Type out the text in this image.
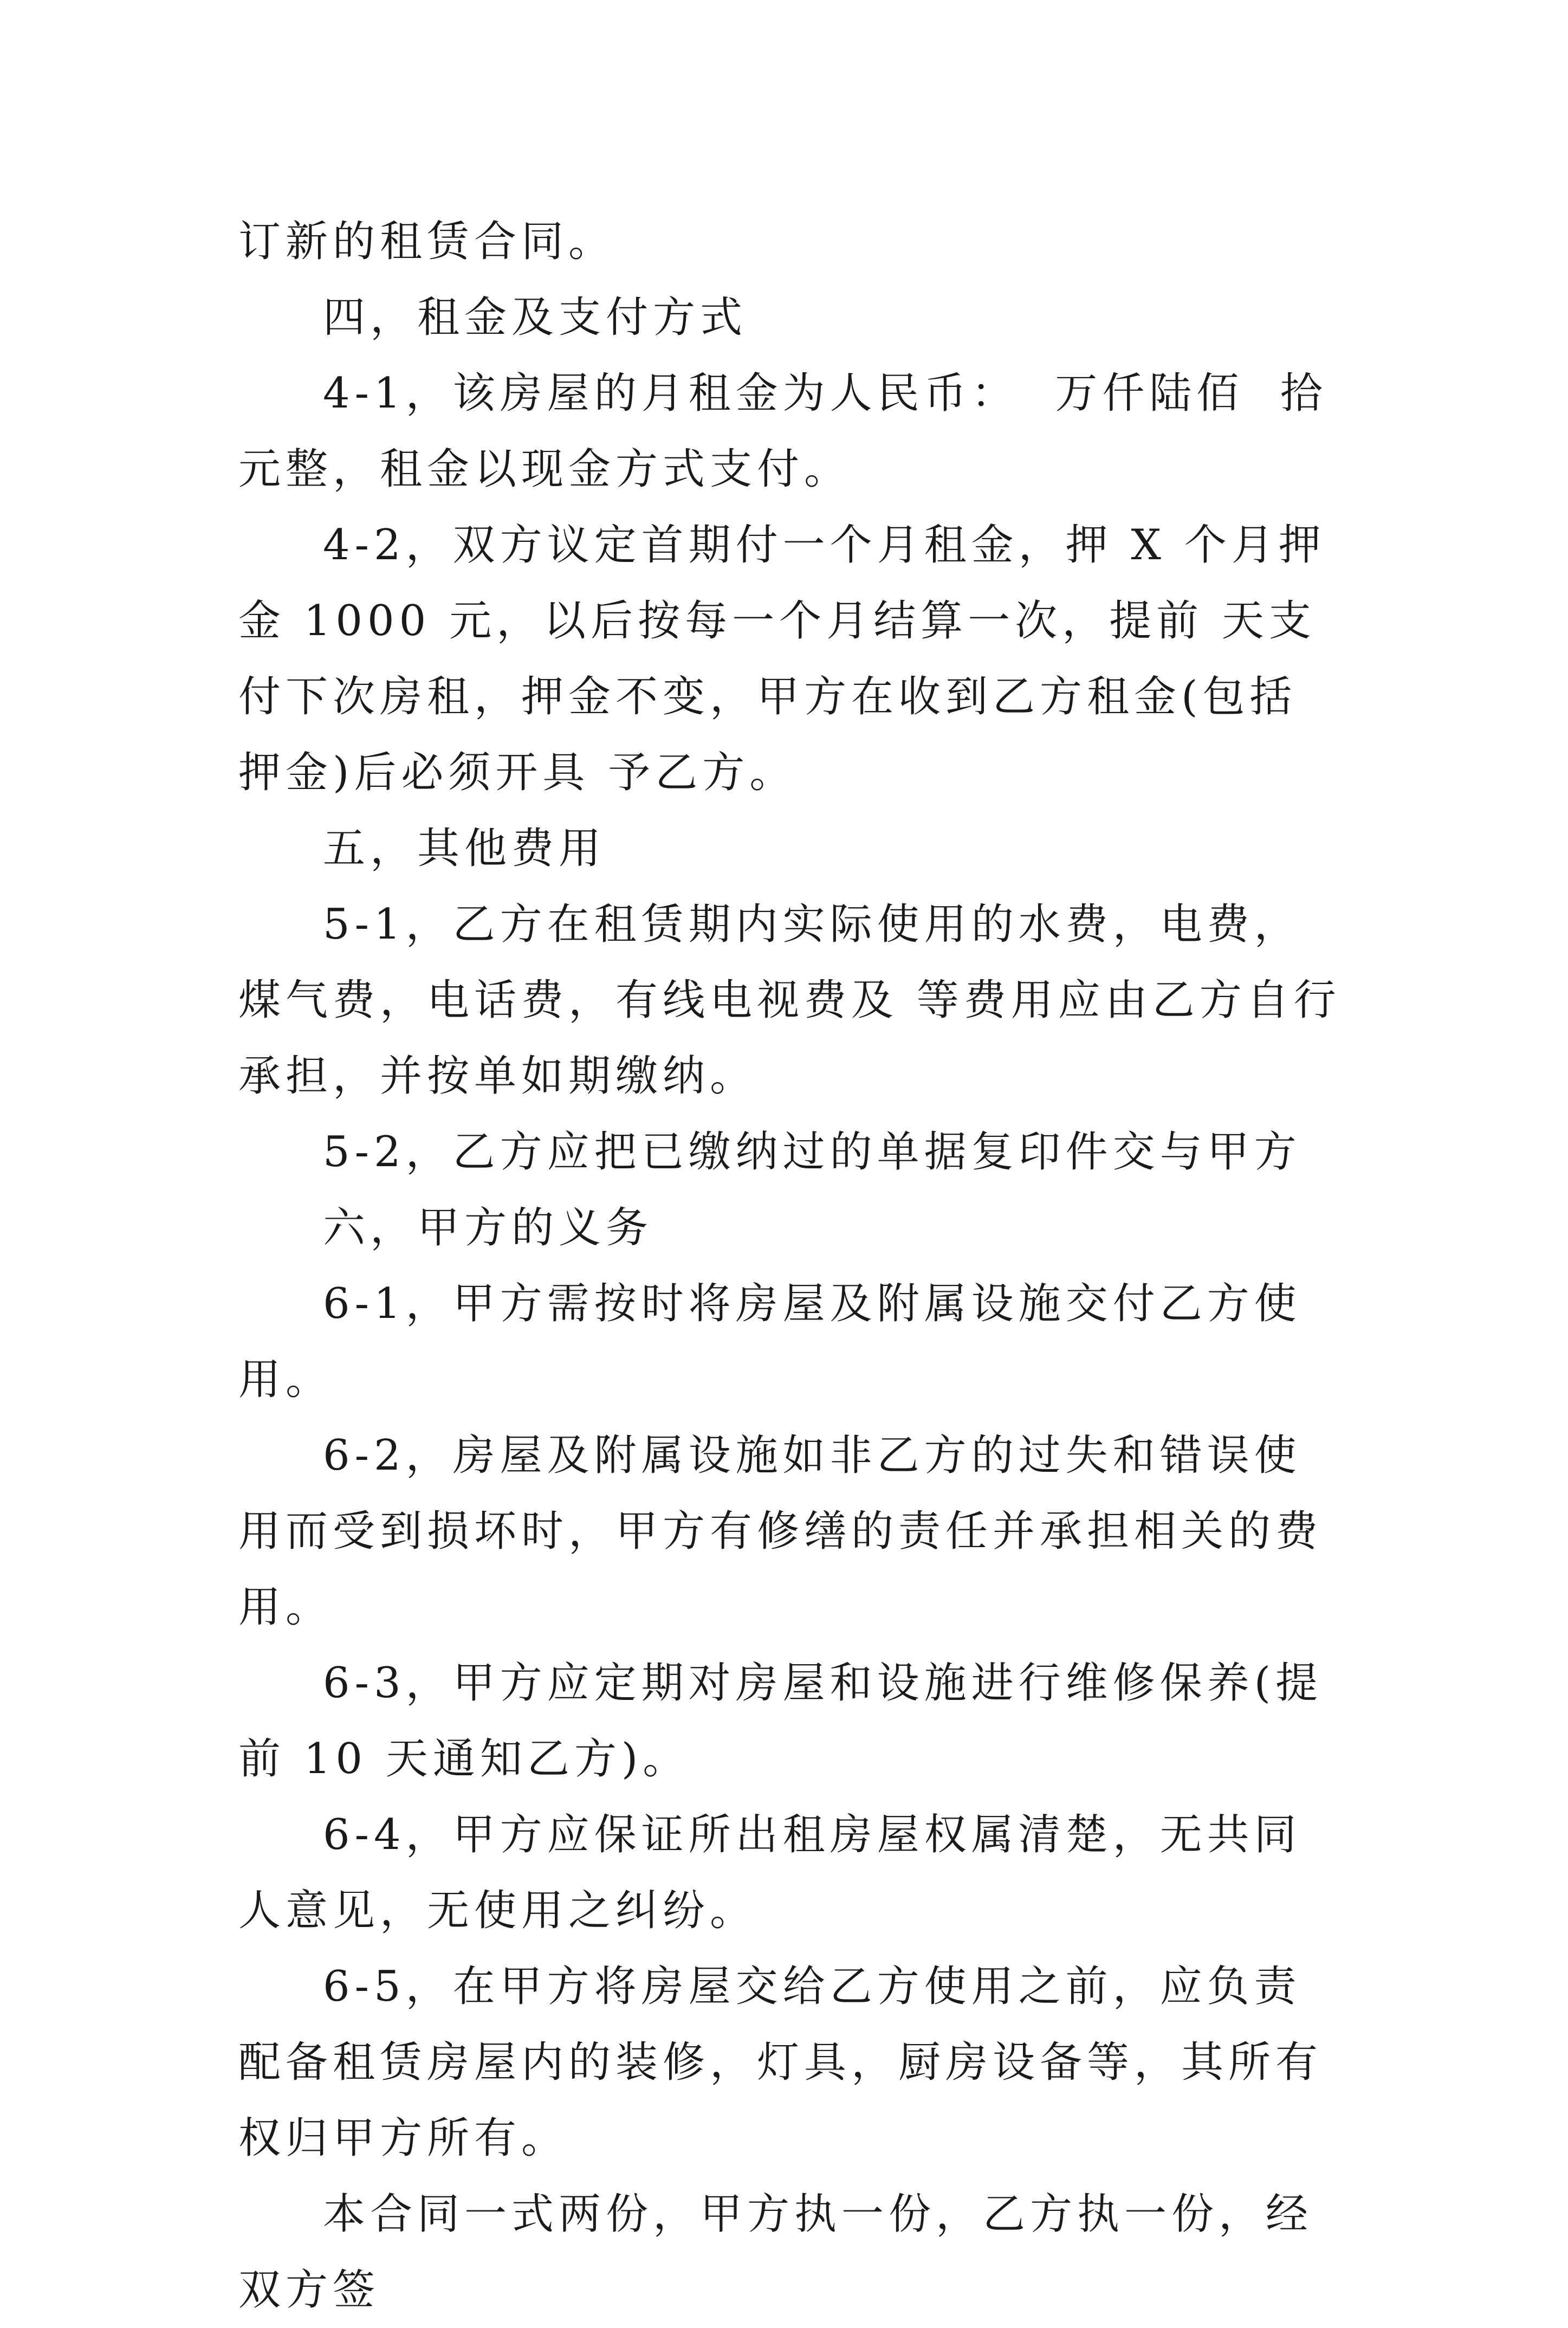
订新的租赁合同。

四，租金及支付方式

4-1，该房屋的月租金为人民币：  万仟陆佰  拾  元整，租金以现金方式支付。

4-2，双方议定首期付一个月租金，押 X 个月押金 1000 元，以后按每一个月结算一次，提前 天支付下次房租，押金不变，甲方在收到乙方租金(包括押金)后必须开具 予乙方。

五，其他费用

5-1，乙方在租赁期内实际使用的水费，电费，煤气费，电话费，有线电视费及 等费用应由乙方自行承担，并按单如期缴纳。

5-2，乙方应把已缴纳过的单据复印件交与甲方

六，甲方的义务

6-1，甲方需按时将房屋及附属设施交付乙方使用。

6-2，房屋及附属设施如非乙方的过失和错误使用而受到损坏时，甲方有修缮的责任并承担相关的费用。

6-3，甲方应定期对房屋和设施进行维修保养(提前 10 天通知乙方)。

6-4，甲方应保证所出租房屋权属清楚，无共同人意见，无使用之纠纷。

6-5，在甲方将房屋交给乙方使用之前，应负责配备租赁房屋内的装修，灯具，厨房设备等，其所有权归甲方所有。

本合同一式两份，甲方执一份，乙方执一份，经双方签
